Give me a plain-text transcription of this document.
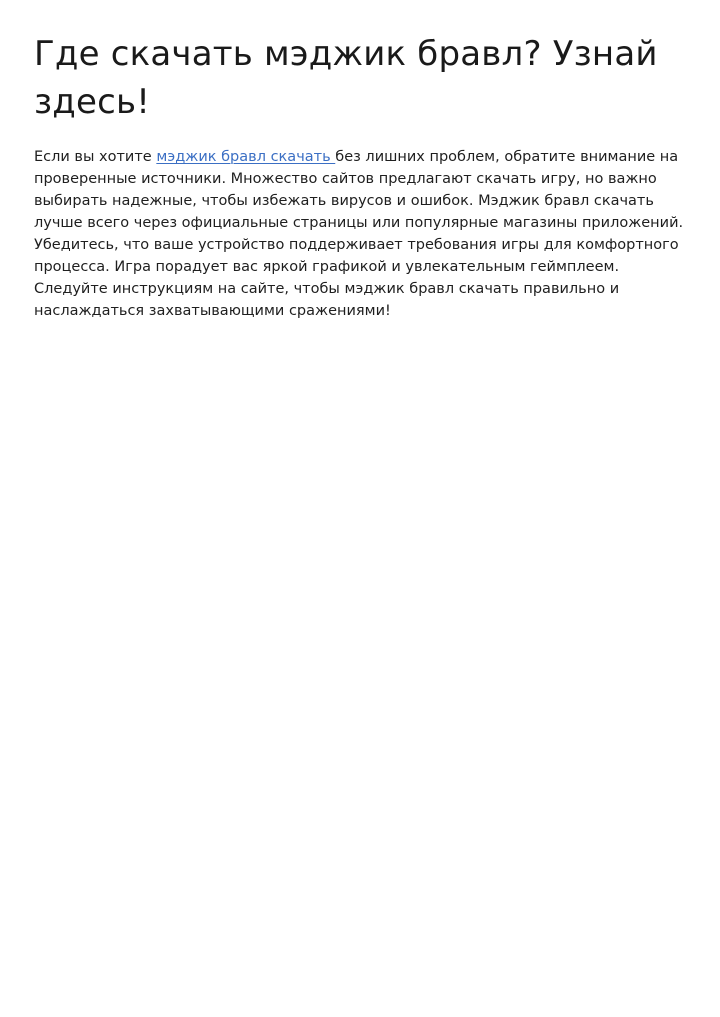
Где скачать мэджик бравл? Узнай здесь!

Если вы хотите мэджик бравл скачать без лишних проблем, обратите внимание на проверенные источники. Множество сайтов предлагают скачать игру, но важно выбирать надежные, чтобы избежать вирусов и ошибок. Мэджик бравл скачать лучше всего через официальные страницы или популярные магазины приложений. Убедитесь, что ваше устройство поддерживает требования игры для комфортного процесса. Игра порадует вас яркой графикой и увлекательным геймплеем. Следуйте инструкциям на сайте, чтобы мэджик бравл скачать правильно и наслаждаться захватывающими сражениями!
